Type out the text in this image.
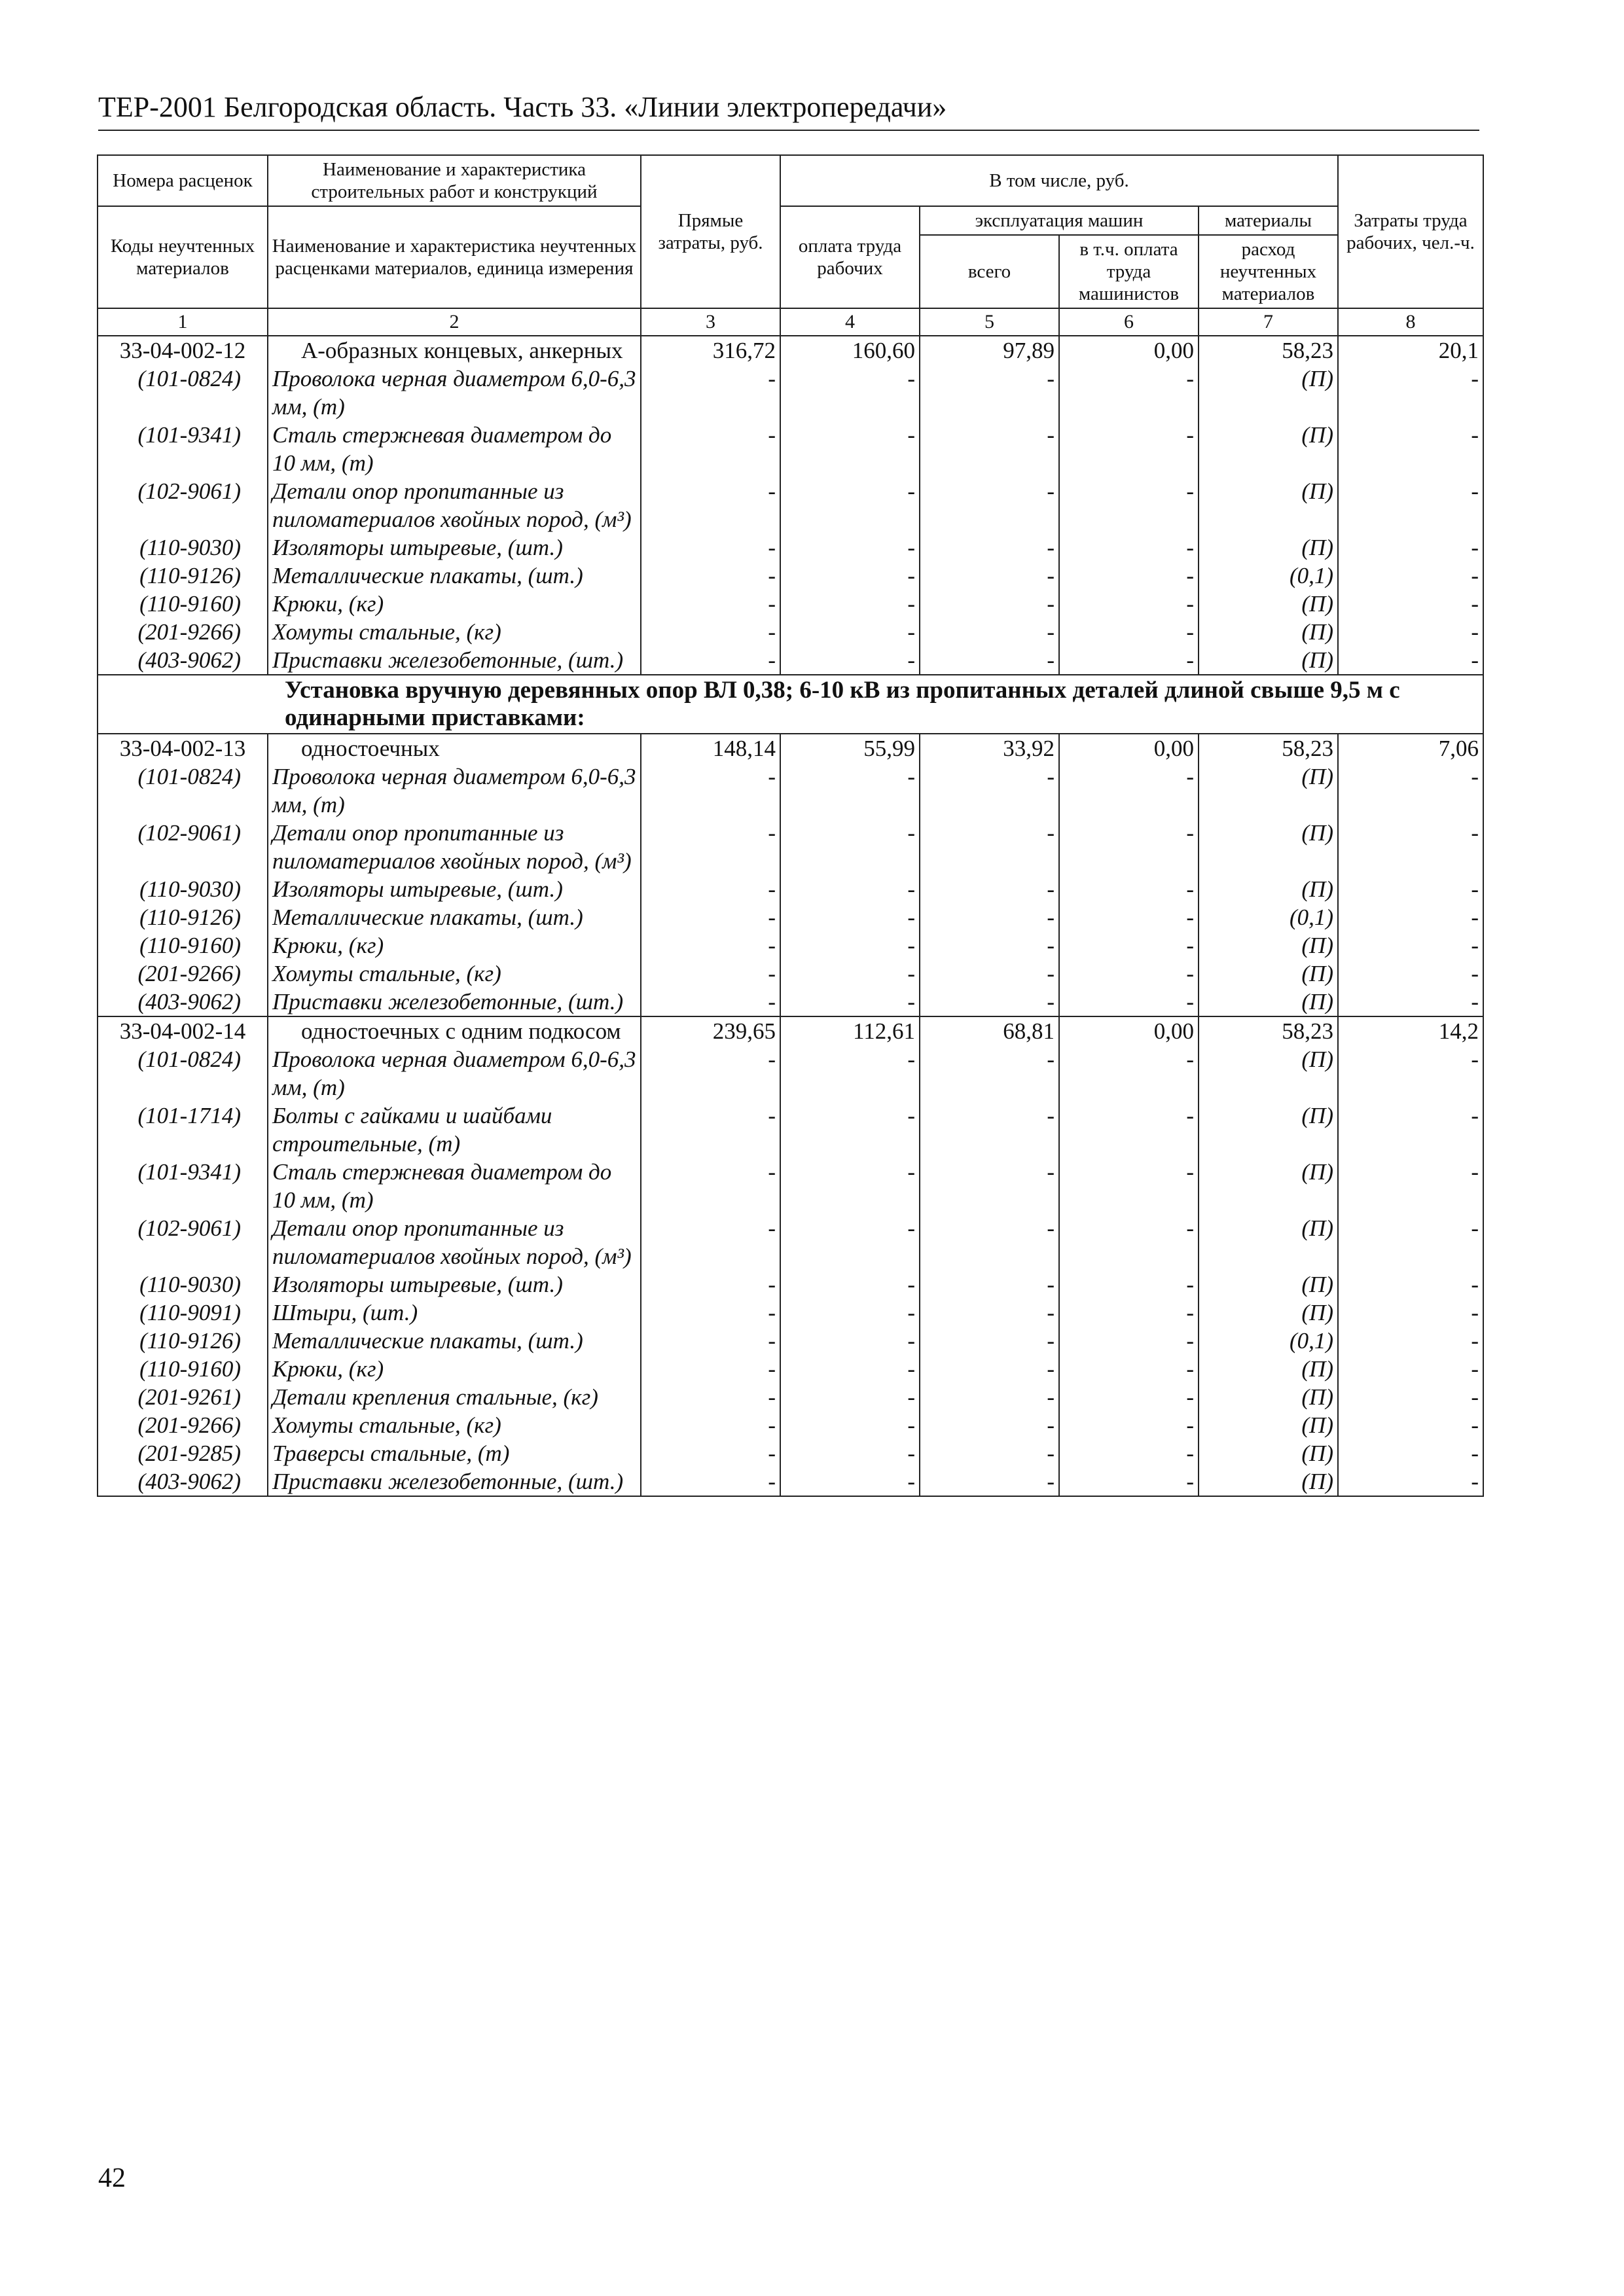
ТЕР-2001 Белгородская область. Часть 33. «Линии электропередачи»
Номера расценок	Наименование и характеристика строительных работ и конструкций	Прямые затраты, руб.	В том числе, руб.				Затраты труда рабочих, чел.-ч.
Коды неучтенных материалов	Наименование и характеристика неучтенных расценками материалов, единица измерения		оплата труда рабочих	эксплуатация машин		материалы	
				всего	в т.ч. оплата труда машинистов	расход неучтенных материалов	
1	2	3	4	5	6	7	8
33-04-002-12	А-образных концевых, анкерных	316,72	160,60	97,89	0,00	58,23	20,1
(101-0824)	Проволока черная диаметром 6,0-6,3 мм, (т)	-	-	-	-	(П)	-
(101-9341)	Сталь стержневая диаметром до 10 мм, (т)	-	-	-	-	(П)	-
(102-9061)	Детали опор пропитанные из пиломатериалов хвойных пород, (м³)	-	-	-	-	(П)	-
(110-9030)	Изоляторы штыревые, (шт.)	-	-	-	-	(П)	-
(110-9126)	Металлические плакаты, (шт.)	-	-	-	-	(0,1)	-
(110-9160)	Крюки, (кг)	-	-	-	-	(П)	-
(201-9266)	Хомуты стальные, (кг)	-	-	-	-	(П)	-
(403-9062)	Приставки железобетонные, (шт.)	-	-	-	-	(П)	-
Установка вручную деревянных опор ВЛ 0,38; 6-10 кВ из пропитанных деталей длиной свыше 9,5 м с одинарными приставками:							
33-04-002-13	одностоечных	148,14	55,99	33,92	0,00	58,23	7,06
(101-0824)	Проволока черная диаметром 6,0-6,3 мм, (т)	-	-	-	-	(П)	-
(102-9061)	Детали опор пропитанные из пиломатериалов хвойных пород, (м³)	-	-	-	-	(П)	-
(110-9030)	Изоляторы штыревые, (шт.)	-	-	-	-	(П)	-
(110-9126)	Металлические плакаты, (шт.)	-	-	-	-	(0,1)	-
(110-9160)	Крюки, (кг)	-	-	-	-	(П)	-
(201-9266)	Хомуты стальные, (кг)	-	-	-	-	(П)	-
(403-9062)	Приставки железобетонные, (шт.)	-	-	-	-	(П)	-
33-04-002-14	одностоечных с одним подкосом	239,65	112,61	68,81	0,00	58,23	14,2
(101-0824)	Проволока черная диаметром 6,0-6,3 мм, (т)	-	-	-	-	(П)	-
(101-1714)	Болты с гайками и шайбами строительные, (т)	-	-	-	-	(П)	-
(101-9341)	Сталь стержневая диаметром до 10 мм, (т)	-	-	-	-	(П)	-
(102-9061)	Детали опор пропитанные из пиломатериалов хвойных пород, (м³)	-	-	-	-	(П)	-
(110-9030)	Изоляторы штыревые, (шт.)	-	-	-	-	(П)	-
(110-9091)	Штыри, (шт.)	-	-	-	-	(П)	-
(110-9126)	Металлические плакаты, (шт.)	-	-	-	-	(0,1)	-
(110-9160)	Крюки, (кг)	-	-	-	-	(П)	-
(201-9261)	Детали крепления стальные, (кг)	-	-	-	-	(П)	-
(201-9266)	Хомуты стальные, (кг)	-	-	-	-	(П)	-
(201-9285)	Траверсы стальные, (т)	-	-	-	-	(П)	-
(403-9062)	Приставки железобетонные, (шт.)	-	-	-	-	(П)	-
42
